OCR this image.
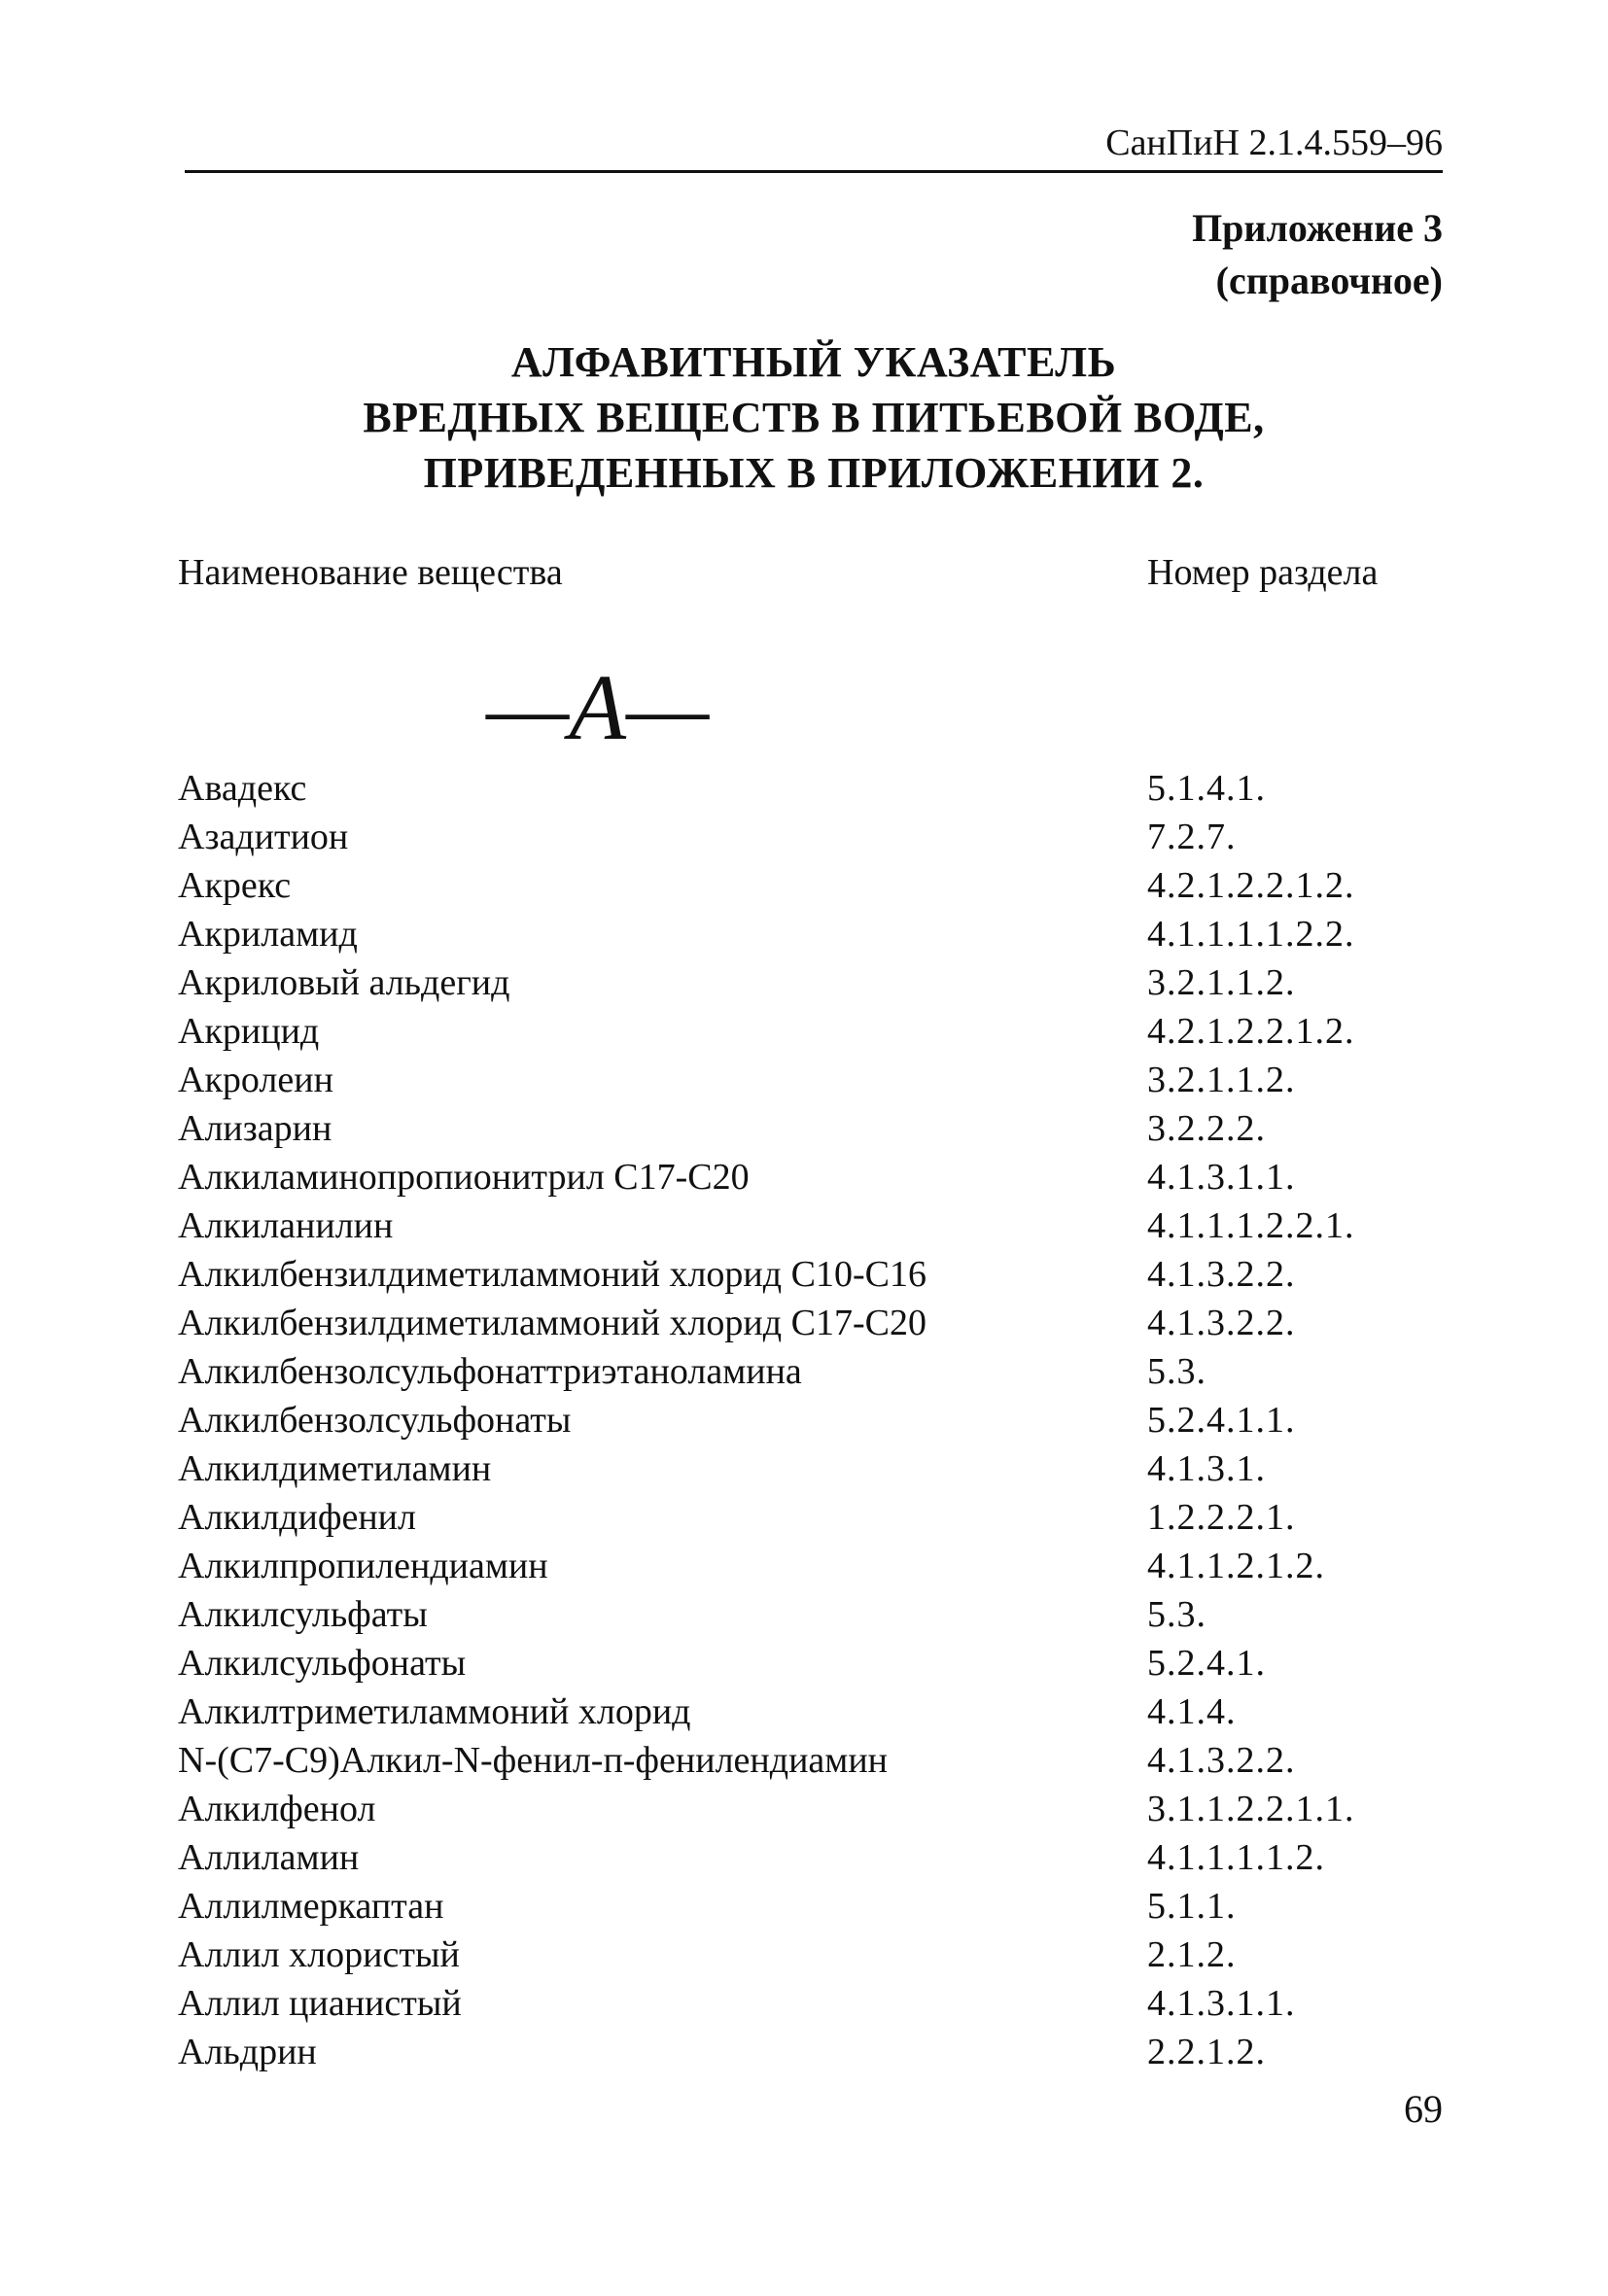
СанПиН 2.1.4.559–96
Приложение 3
(справочное)
АЛФАВИТНЫЙ УКАЗАТЕЛЬ
ВРЕДНЫХ ВЕЩЕСТВ В ПИТЬЕВОЙ ВОДЕ,
ПРИВЕДЕННЫХ В ПРИЛОЖЕНИИ 2.
Наименование вещества	Номер раздела
—А—
Авадекс	5.1.4.1.
Азадитион	7.2.7.
Акрекс	4.2.1.2.2.1.2.
Акриламид	4.1.1.1.1.2.2.
Акриловый альдегид	3.2.1.1.2.
Акрицид	4.2.1.2.2.1.2.
Акролеин	3.2.1.1.2.
Ализарин	3.2.2.2.
Алкиламинопропионитрил С17-С20	4.1.3.1.1.
Алкиланилин	4.1.1.1.2.2.1.
Алкилбензилдиметиламмоний хлорид С10-С16	4.1.3.2.2.
Алкилбензилдиметиламмоний хлорид С17-С20	4.1.3.2.2.
Алкилбензолсульфонаттриэтаноламина	5.3.
Алкилбензолсульфонаты	5.2.4.1.1.
Алкилдиметиламин	4.1.3.1.
Алкилдифенил	1.2.2.2.1.
Алкилпропилендиамин	4.1.1.2.1.2.
Алкилсульфаты	5.3.
Алкилсульфонаты	5.2.4.1.
Алкилтриметиламмоний хлорид	4.1.4.
N-(С7-С9)Алкил-N-фенил-п-фенилендиамин	4.1.3.2.2.
Алкилфенол	3.1.1.2.2.1.1.
Аллиламин	4.1.1.1.1.2.
Аллилмеркаптан	5.1.1.
Аллил хлористый	2.1.2.
Аллил цианистый	4.1.3.1.1.
Альдрин	2.2.1.2.
69
